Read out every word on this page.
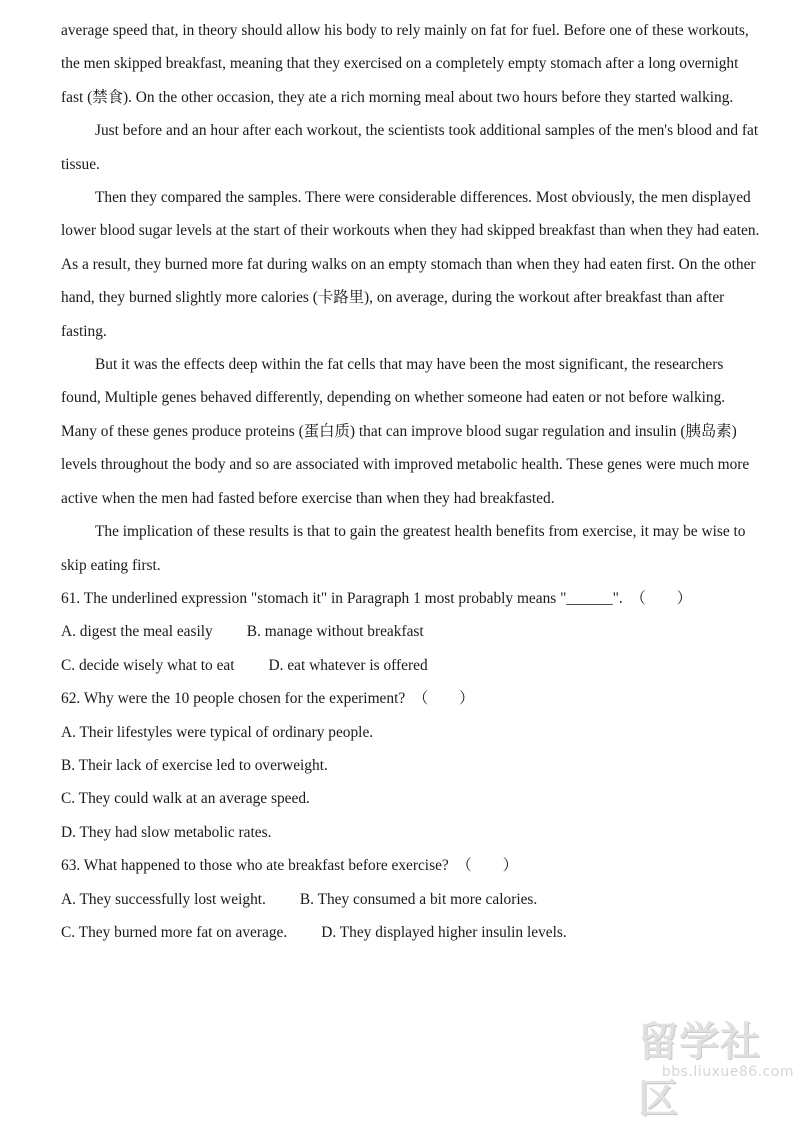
average speed that, in theory should allow his body to rely mainly on fat for fuel. Before one of these workouts, the men skipped breakfast, meaning that they exercised on a completely empty stomach after a long overnight fast (禁食). On the other occasion, they ate a rich morning meal about two hours before they started walking.

Just before and an hour after each workout, the scientists took additional samples of the men's blood and fat tissue.

Then they compared the samples. There were considerable differences. Most obviously, the men displayed lower blood sugar levels at the start of their workouts when they had skipped breakfast than when they had eaten. As a result, they burned more fat during walks on an empty stomach than when they had eaten first. On the other hand, they burned slightly more calories (卡路里), on average, during the workout after breakfast than after fasting.

But it was the effects deep within the fat cells that may have been the most significant, the researchers found, Multiple genes behaved differently, depending on whether someone had eaten or not before walking. Many of these genes produce proteins (蛋白质) that can improve blood sugar regulation and insulin (胰岛素) levels throughout the body and so are associated with improved metabolic health. These genes were much more active when the men had fasted before exercise than when they had breakfasted.

The implication of these results is that to gain the greatest health benefits from exercise, it may be wise to skip eating first.

61. The underlined expression "stomach it" in Paragraph 1 most probably means "______".　（　　）

A. digest the meal easily B. manage without breakfast

C. decide wisely what to eat D. eat whatever is offered

62. Why were the 10 people chosen for the experiment?　（　　）

A. Their lifestyles were typical of ordinary people.

B. Their lack of exercise led to overweight.

C. They could walk at an average speed.

D. They had slow metabolic rates.

63. What happened to those who ate breakfast before exercise?　（　　）

A. They successfully lost weight. B. They consumed a bit more calories.

C. They burned more fat on average. D. They displayed higher insulin levels.

留学社区
bbs.liuxue86.com
